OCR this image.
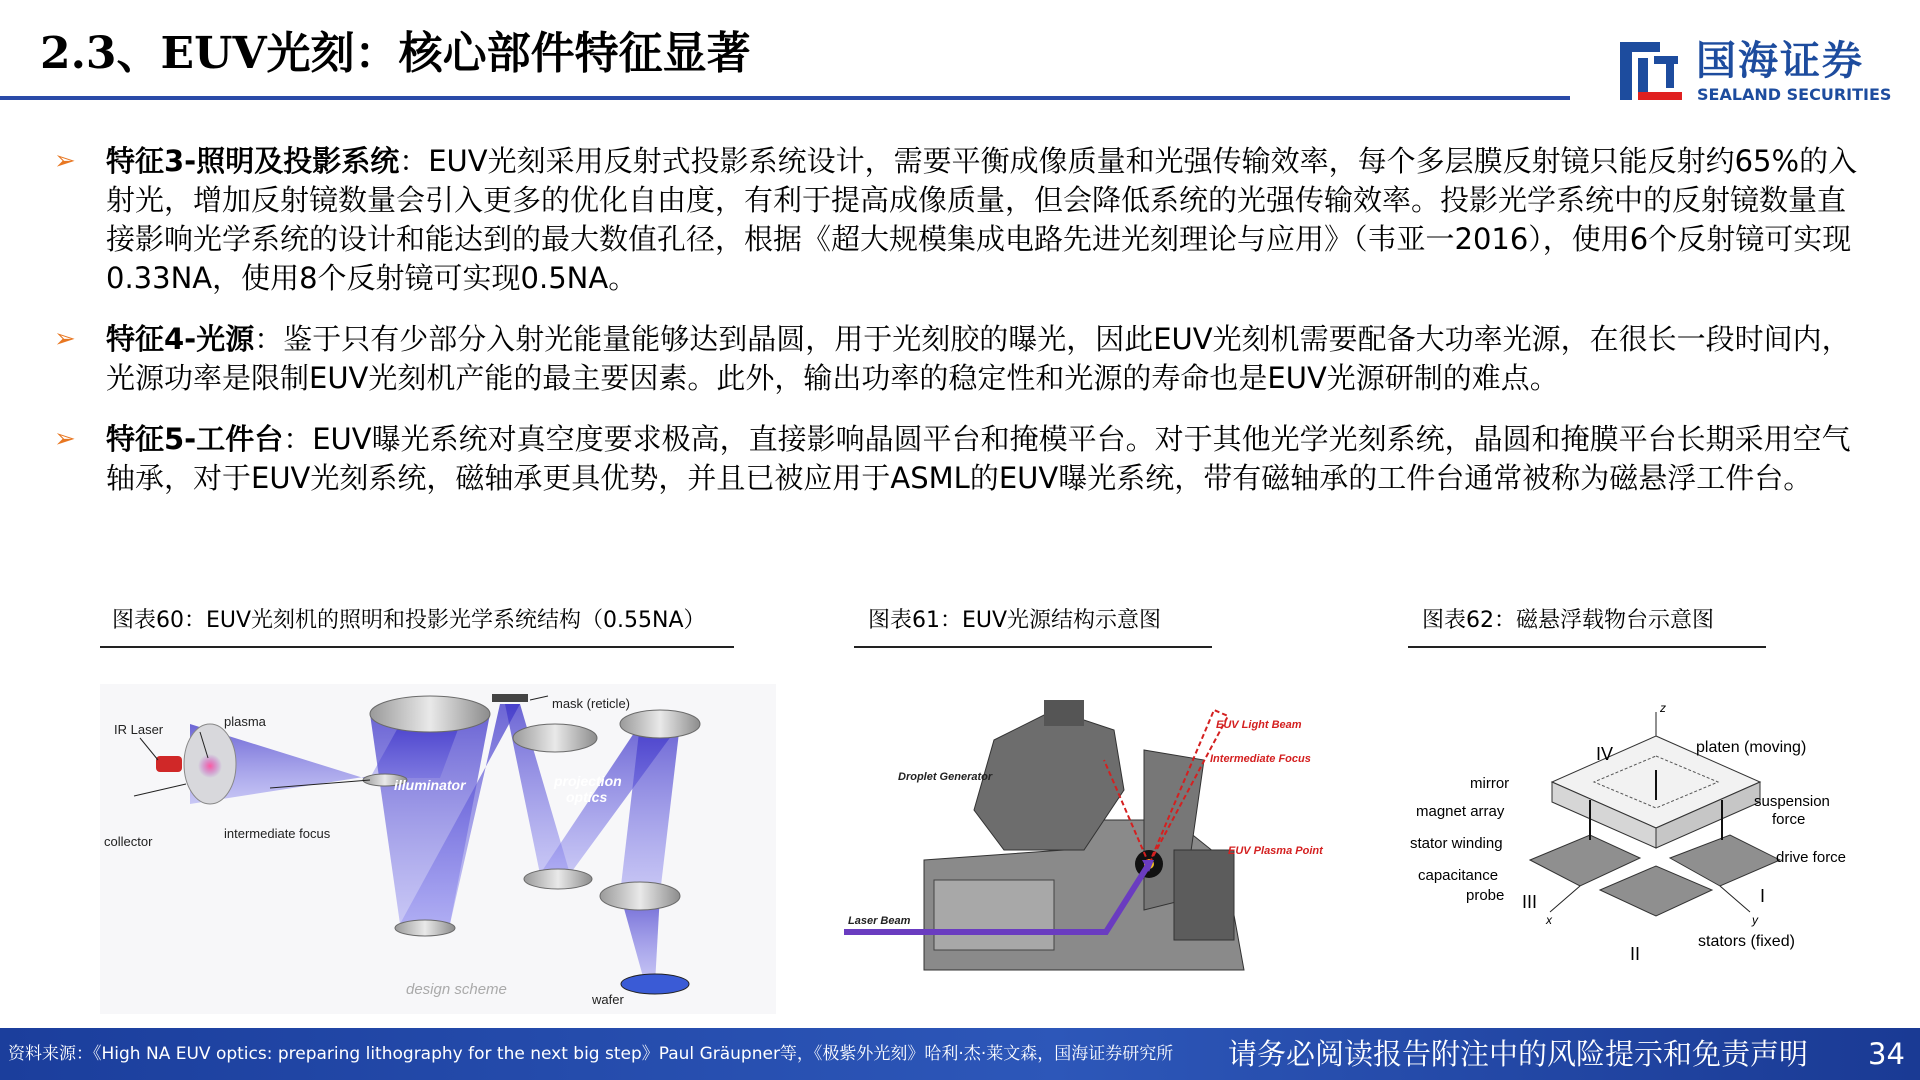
2.3、EUV光刻：核心部件特征显著	国海证券
SEALAND SECURITIES
➢ 特征3-照明及投影系统：EUV光刻采用反射式投影系统设计，需要平衡成像质量和光强传输效率，每个多层膜反射镜只能反射约65%的入射光，增加反射镜数量会引入更多的优化自由度，有利于提高成像质量，但会降低系统的光强传输效率。投影光学系统中的反射镜数量直接影响光学系统的设计和能达到的最大数值孔径，根据《超大规模集成电路先进光刻理论与应用》（韦亚一2016），使用6个反射镜可实现0.33NA，使用8个反射镜可实现0.5NA。
➢ 特征4-光源：鉴于只有少部分入射光能量能够达到晶圆，用于光刻胶的曝光，因此EUV光刻机需要配备大功率光源，在很长一段时间内，光源功率是限制EUV光刻机产能的最主要因素。此外，输出功率的稳定性和光源的寿命也是EUV光源研制的难点。
➢ 特征5-工件台：EUV曝光系统对真空度要求极高，直接影响晶圆平台和掩模平台。对于其他光学光刻系统，晶圆和掩膜平台长期采用空气轴承，对于EUV光刻系统，磁轴承更具优势，并且已被应用于ASML的EUV曝光系统，带有磁轴承的工件台通常被称为磁悬浮工件台。
图表60：EUV光刻机的照明和投影光学系统结构（0.55NA）	图表61：EUV光源结构示意图	图表62：磁悬浮载物台示意图
IR Laser
plasma
collector
intermediate focus
mask (reticle)
illuminator	projection
optics
design scheme
wafer
EUV Light Beam
Intermediate Focus
Droplet Generator
EUV Plasma Point
Laser Beam
z
IV	platen (moving)
mirror
magnet array
stator winding
capacitance
probe
suspension
force
drive force
III	I
x	y
stators (fixed)
II
资料来源：《High NA EUV optics: preparing lithography for the next big step》Paul Gräupner等，《极紫外光刻》哈利·杰·莱文森，国海证券研究所 请务必阅读报告附注中的风险提示和免责声明 34
